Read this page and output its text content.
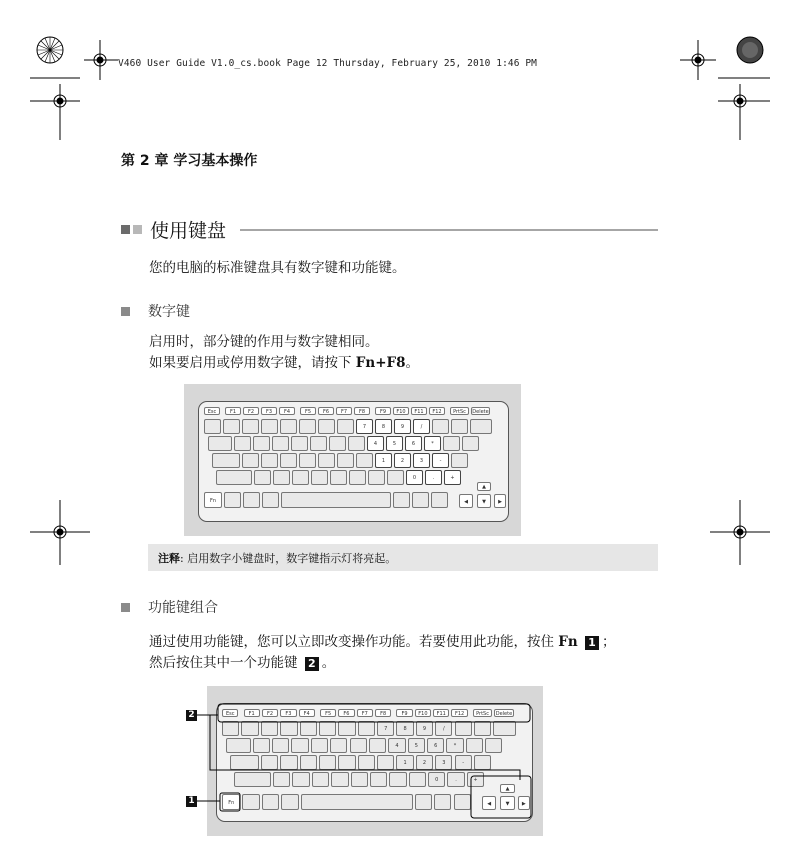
V460 User Guide V1.0_cs.book Page 12 Thursday, February 25, 2010 1:46 PM
第 2 章 学习基本操作
使用键盘
您的电脑的标准键盘具有数字键和功能键。
数字键
启用时，部分键的作用与数字键相同。
如果要启用或停用数字键，请按下 Fn+F8。
Esc	F1	F2	F3	F4	F5	F6	F7	F8	F9	F10	F11	F12	PrtSc	Delete
7	8	9	/
4	5	6	*
1	2	3	-
0	.	+
Fn
▲
◀	▼	▶
注释 : 启用数字小键盘时，数字键指示灯将亮起。
功能键组合
通过使用功能键，您可以立即改变操作功能。若要使用此功能，按住 Fn 1 ；
然后按住其中一个功能键 2 。
Esc	F1	F2	F3	F4	F5	F6	F7	F8	F9	F10	F11	F12	PrtSc	Delete
7	8	9	/
4	5	6	*
1	2	3	-
0	.	+
Fn
▲
◀	▼	▶
2
1
